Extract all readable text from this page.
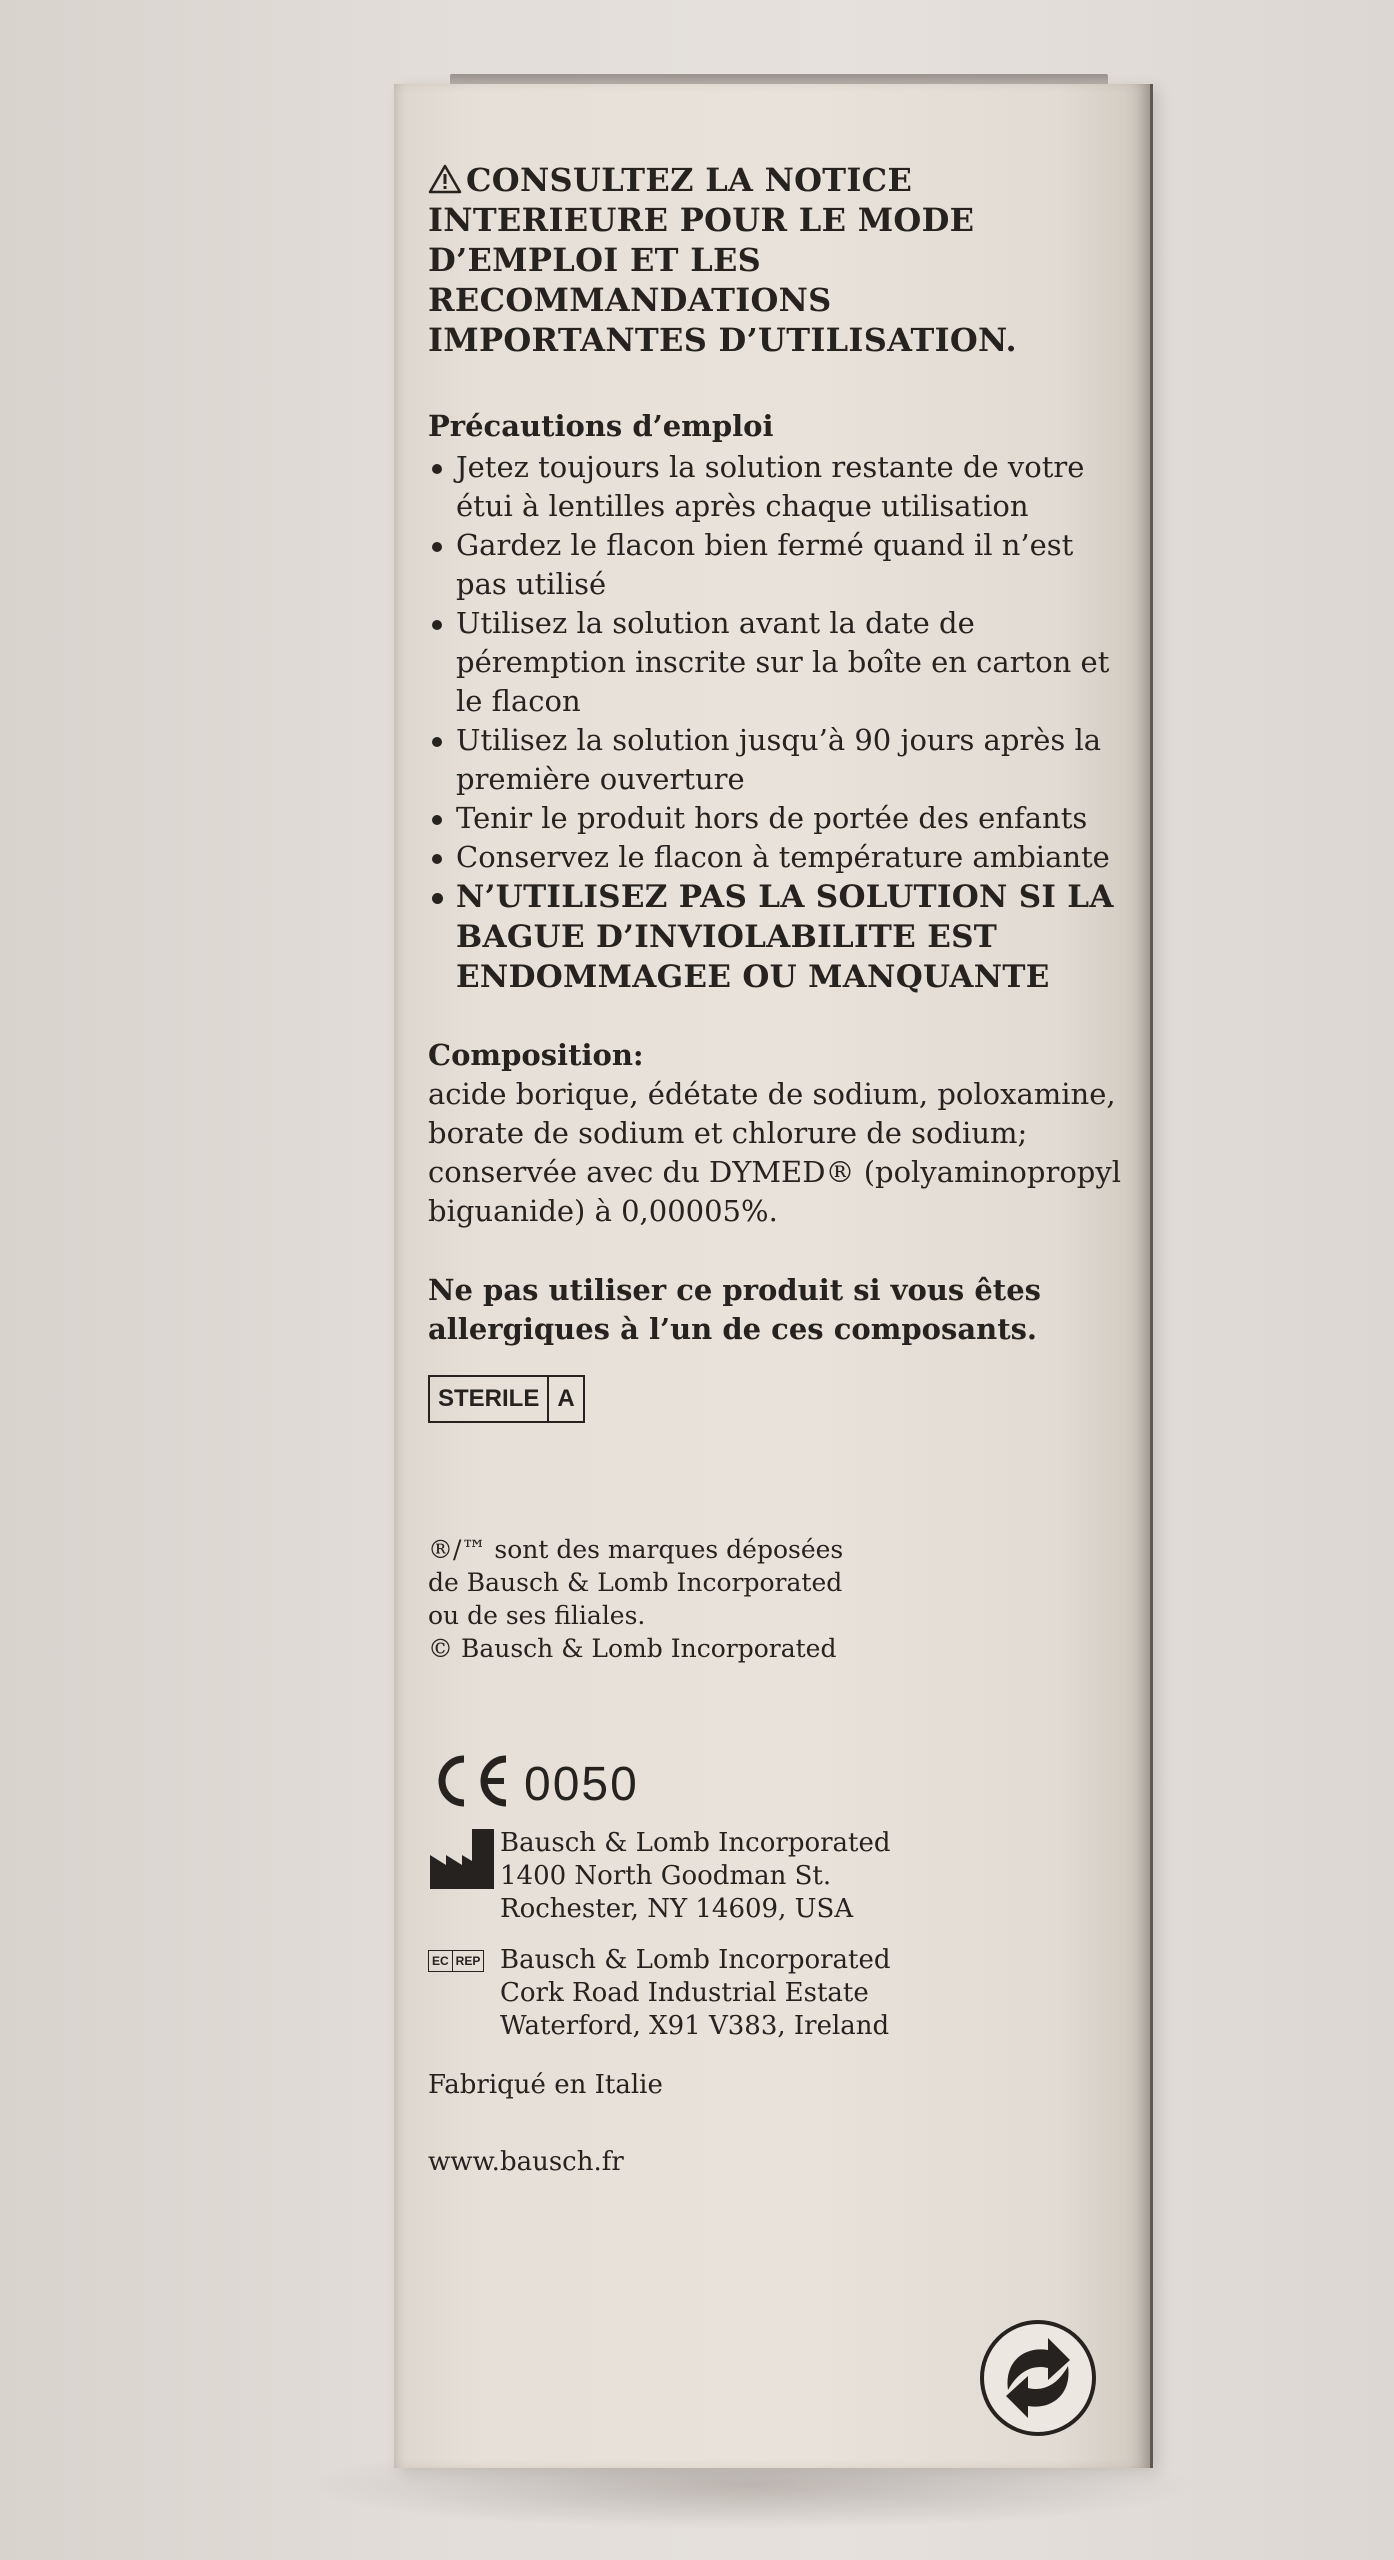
CONSULTEZ LA NOTICE
INTERIEURE POUR LE MODE
D’EMPLOI ET LES
RECOMMANDATIONS
IMPORTANTES D’UTILISATION.
Précautions d’emploi
Jetez toujours la solution restante de votre étui à lentilles après chaque utilisation
Gardez le flacon bien fermé quand il n’est pas utilisé
Utilisez la solution avant la date de péremption inscrite sur la boîte en carton et le flacon
Utilisez la solution jusqu’à 90 jours après la première ouverture
Tenir le produit hors de portée des enfants
Conservez le flacon à température ambiante
N’UTILISEZ PAS LA SOLUTION SI LA BAGUE D’INVIOLABILITE EST ENDOMMAGEE OU MANQUANTE
Composition:
acide borique, édétate de sodium, poloxamine, borate de sodium et chlorure de sodium; conservée avec du DYMED® (polyaminopropyl biguanide) à 0,00005%.
Ne pas utiliser ce produit si vous êtes allergiques à l’un de ces composants.
STERILE A
®/™ sont des marques déposées
de Bausch & Lomb Incorporated
ou de ses filiales.
© Bausch & Lomb Incorporated
0050
Bausch & Lomb Incorporated
1400 North Goodman St.
Rochester, NY 14609, USA
EC REP Bausch & Lomb Incorporated
Cork Road Industrial Estate
Waterford, X91 V383, Ireland
Fabriqué en Italie
www.bausch.fr
